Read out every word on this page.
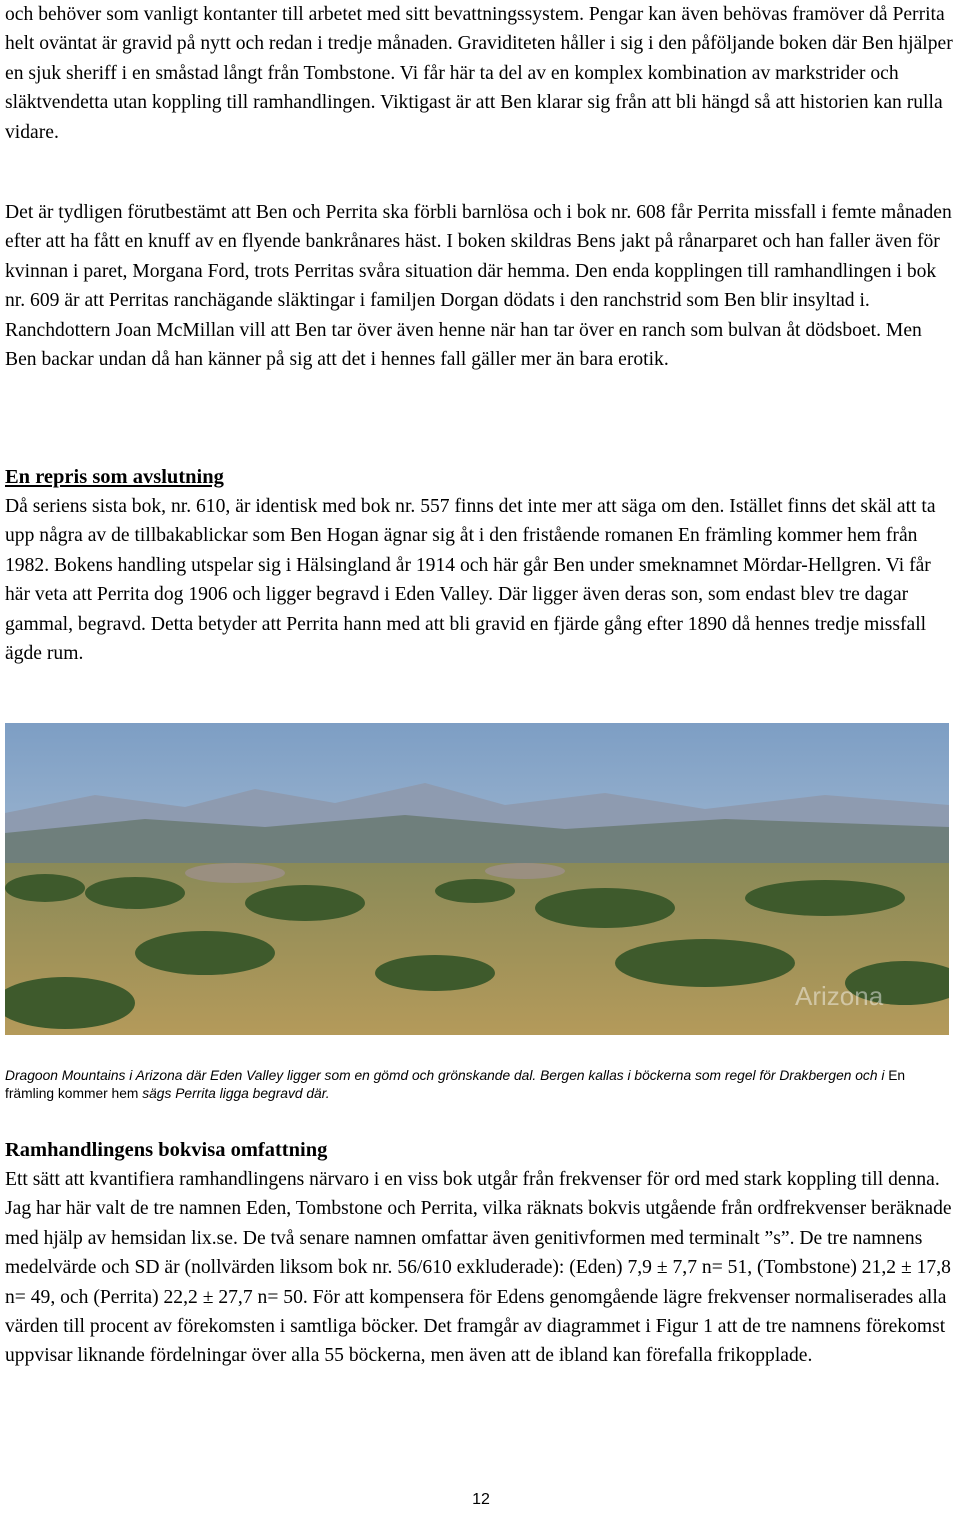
och behöver som vanligt kontanter till arbetet med sitt bevattningssystem. Pengar kan även behövas framöver då Perrita helt oväntat är gravid på nytt och redan i tredje månaden. Graviditeten håller i sig i den påföljande boken där Ben hjälper en sjuk sheriff i en småstad långt från Tombstone. Vi får här ta del av en komplex kombination av markstrider och släktvendetta utan koppling till ramhandlingen. Viktigast är att Ben klarar sig från att bli hängd så att historien kan rulla vidare.

Det är tydligen förutbestämt att Ben och Perrita ska förbli barnlösa och i bok nr. 608 får Perrita missfall i femte månaden efter att ha fått en knuff av en flyende bankrånares häst. I boken skildras Bens jakt på rånarparet och han faller även för kvinnan i paret, Morgana Ford, trots Perritas svåra situation där hemma. Den enda kopplingen till ramhandlingen i bok nr. 609 är att Perritas ranchägande släktingar i familjen Dorgan dödats i den ranchstrid som Ben blir insyltad i. Ranchdottern Joan McMillan vill att Ben tar över även henne när han tar över en ranch som bulvan åt dödsboet. Men Ben backar undan då han känner på sig att det i hennes fall gäller mer än bara erotik.

En repris som avslutning

Då seriens sista bok, nr. 610, är identisk med bok nr. 557 finns det inte mer att säga om den. Istället finns det skäl att ta upp några av de tillbakablickar som Ben Hogan ägnar sig åt i den fristående romanen En främling kommer hem från 1982. Bokens handling utspelar sig i Hälsingland år 1914 och här går Ben under smeknamnet Mördar-Hellgren. Vi får här veta att Perrita dog 1906 och ligger begravd i Eden Valley. Där ligger även deras son, som endast blev tre dagar gammal, begravd. Detta betyder att Perrita hann med att bli gravid en fjärde gång efter 1890 då hennes tredje missfall ägde rum.

Arizona

Dragoon Mountains i Arizona där Eden Valley ligger som en gömd och grönskande dal. Bergen kallas i böckerna som regel för Drakbergen och i En främling kommer hem sägs Perrita ligga begravd där.

Ramhandlingens bokvisa omfattning

Ett sätt att kvantifiera ramhandlingens närvaro i en viss bok utgår från frekvenser för ord med stark koppling till denna. Jag har här valt de tre namnen Eden, Tombstone och Perrita, vilka räknats bokvis utgående från ordfrekvenser beräknade med hjälp av hemsidan lix.se. De två senare namnen omfattar även genitivformen med terminalt ”s”. De tre namnens medelvärde och SD är (nollvärden liksom bok nr. 56/610 exkluderade): (Eden) 7,9 ± 7,7 n= 51, (Tombstone) 21,2 ± 17,8 n= 49, och (Perrita) 22,2 ± 27,7 n= 50. För att kompensera för Edens genomgående lägre frekvenser normaliserades alla värden till procent av förekomsten i samtliga böcker. Det framgår av diagrammet i Figur 1 att de tre namnens förekomst uppvisar liknande fördelningar över alla 55 böckerna, men även att de ibland kan förefalla frikopplade.

12
